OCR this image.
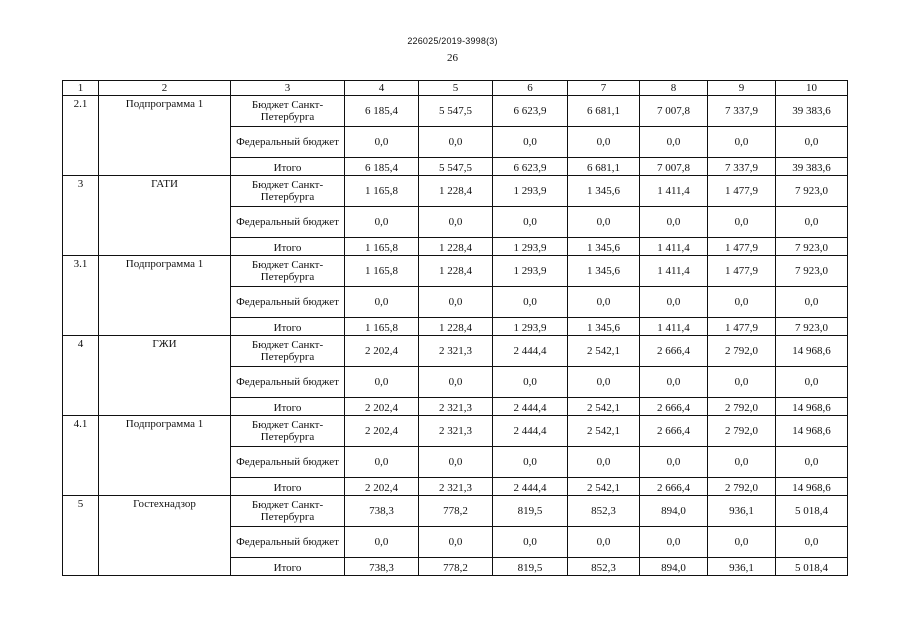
226025/2019-3998(3)
26
1	2	3	4	5	6	7	8	9	10
2.1	Подпрограмма 1	Бюджет Санкт-Петербурга	6 185,4	5 547,5	6 623,9	6 681,1	7 007,8	7 337,9	39 383,6
		Федеральный бюджет	0,0	0,0	0,0	0,0	0,0	0,0	0,0
		Итого	6 185,4	5 547,5	6 623,9	6 681,1	7 007,8	7 337,9	39 383,6
3	ГАТИ	Бюджет Санкт-Петербурга	1 165,8	1 228,4	1 293,9	1 345,6	1 411,4	1 477,9	7 923,0
		Федеральный бюджет	0,0	0,0	0,0	0,0	0,0	0,0	0,0
		Итого	1 165,8	1 228,4	1 293,9	1 345,6	1 411,4	1 477,9	7 923,0
3.1	Подпрограмма 1	Бюджет Санкт-Петербурга	1 165,8	1 228,4	1 293,9	1 345,6	1 411,4	1 477,9	7 923,0
		Федеральный бюджет	0,0	0,0	0,0	0,0	0,0	0,0	0,0
		Итого	1 165,8	1 228,4	1 293,9	1 345,6	1 411,4	1 477,9	7 923,0
4	ГЖИ	Бюджет Санкт-Петербурга	2 202,4	2 321,3	2 444,4	2 542,1	2 666,4	2 792,0	14 968,6
		Федеральный бюджет	0,0	0,0	0,0	0,0	0,0	0,0	0,0
		Итого	2 202,4	2 321,3	2 444,4	2 542,1	2 666,4	2 792,0	14 968,6
4.1	Подпрограмма 1	Бюджет Санкт-Петербурга	2 202,4	2 321,3	2 444,4	2 542,1	2 666,4	2 792,0	14 968,6
		Федеральный бюджет	0,0	0,0	0,0	0,0	0,0	0,0	0,0
		Итого	2 202,4	2 321,3	2 444,4	2 542,1	2 666,4	2 792,0	14 968,6
5	Гостехнадзор	Бюджет Санкт-Петербурга	738,3	778,2	819,5	852,3	894,0	936,1	5 018,4
		Федеральный бюджет	0,0	0,0	0,0	0,0	0,0	0,0	0,0
		Итого	738,3	778,2	819,5	852,3	894,0	936,1	5 018,4
